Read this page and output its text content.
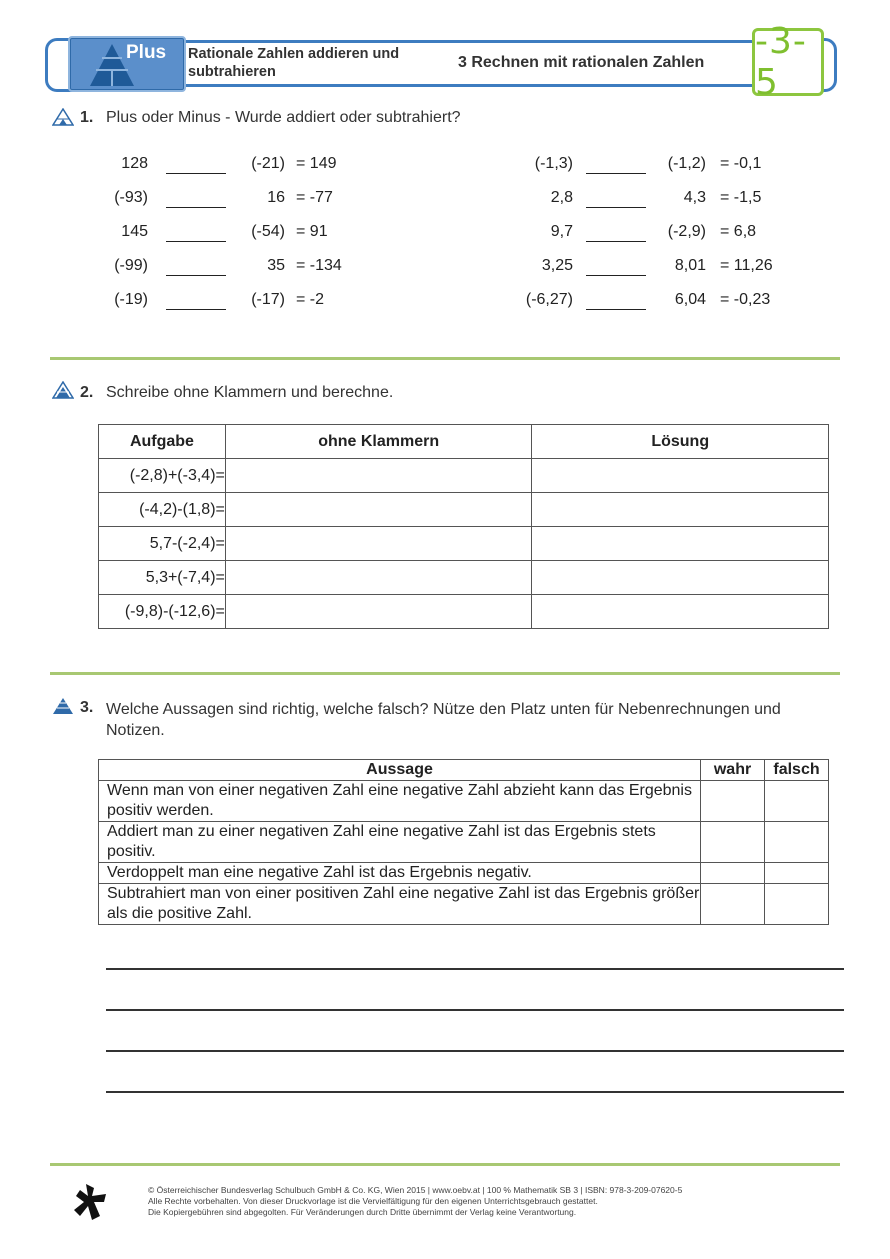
Plus Rationale Zahlen addieren und subtrahieren
3 Rechnen mit rationalen Zahlen
-3-5
1. Plus oder Minus - Wurde addiert oder subtrahiert?
128	(-21) = 149
(-93)	16 = -77
145	(-54) = 91
(-99)	35 = -134
(-19)	(-17) = -2
(-1,3)	(-1,2) = -0,1
2,8	4,3 = -1,5
9,7	(-2,9) = 6,8
3,25	8,01 = 11,26
(-6,27)	6,04 = -0,23
2. Schreibe ohne Klammern und berechne.
Aufgabe	ohne Klammern	Lösung
(-2,8)+(-3,4)=		
(-4,2)-(1,8)=		
5,7-(-2,4)=		
5,3+(-7,4)=		
(-9,8)-(-12,6)=		
3. Welche Aussagen sind richtig, welche falsch? Nütze den Platz unten für Nebenrechnungen und Notizen.
Aussage	wahr	falsch
Wenn man von einer negativen Zahl eine negative Zahl abzieht kann das Ergebnis positiv werden.		
Addiert man zu einer negativen Zahl eine negative Zahl ist das Ergebnis stets positiv.		
Verdoppelt man eine negative Zahl ist das Ergebnis negativ.		
Subtrahiert man von einer positiven Zahl eine negative Zahl ist das Ergebnis größer als die positive Zahl.		
© Österreichischer Bundesverlag Schulbuch GmbH & Co. KG, Wien 2015 | www.oebv.at | 100 % Mathematik SB 3 | ISBN: 978-3-209-07620-5
Alle Rechte vorbehalten. Von dieser Druckvorlage ist die Vervielfältigung für den eigenen Unterrichtsgebrauch gestattet.
Die Kopiergebühren sind abgegolten. Für Veränderungen durch Dritte übernimmt der Verlag keine Verantwortung.
